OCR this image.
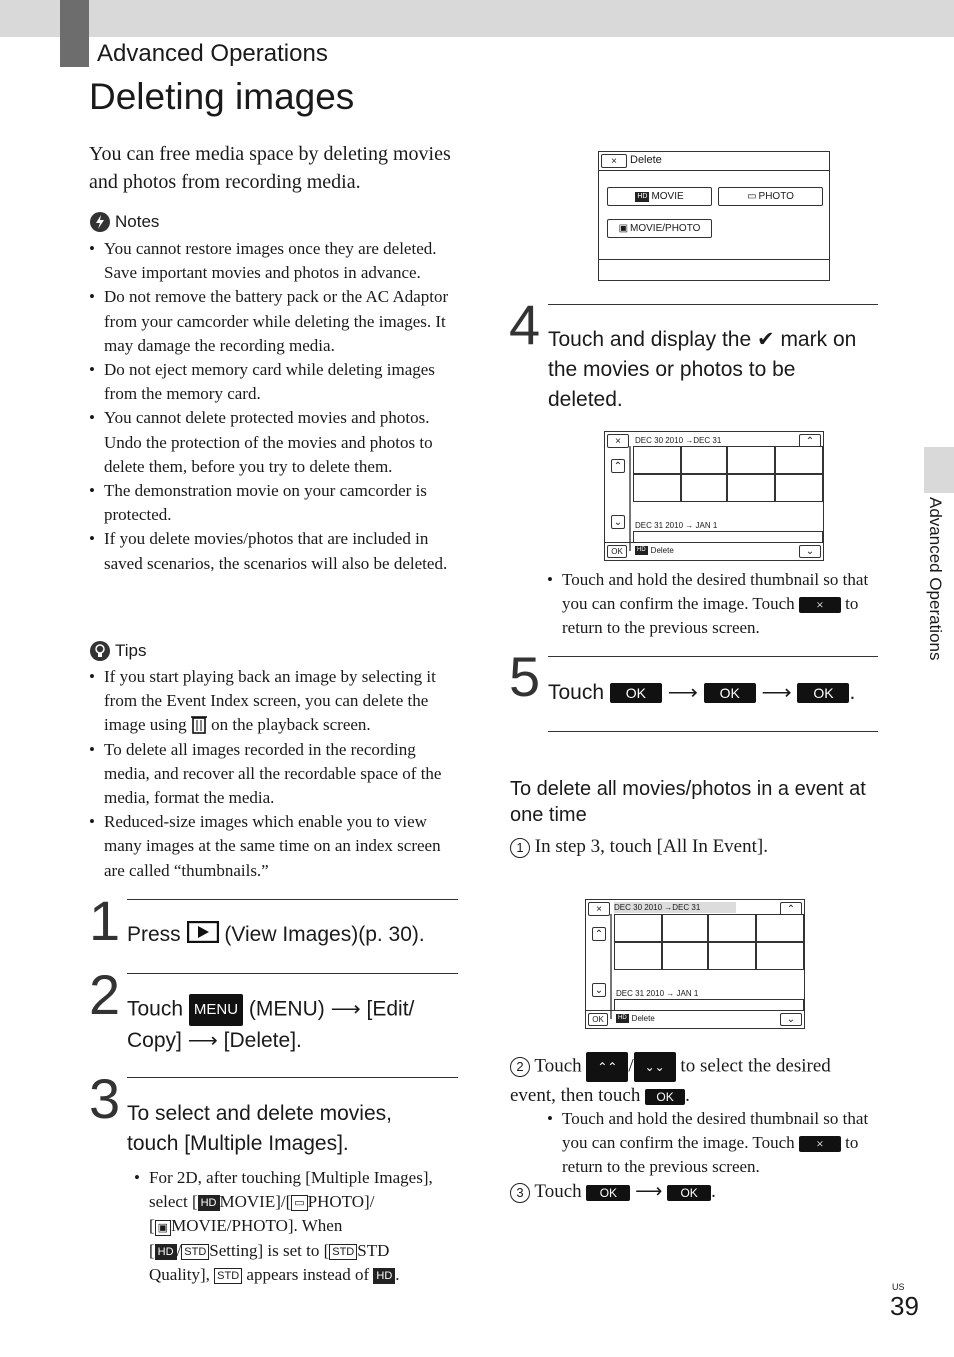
Advanced Operations
Deleting images
You can free media space by deleting movies and photos from recording media.
Notes
• You cannot restore images once they are deleted. Save important movies and photos in advance.
• Do not remove the battery pack or the AC Adaptor from your camcorder while deleting the images. It may damage the recording media.
• Do not eject memory card while deleting images from the memory card.
• You cannot delete protected movies and photos. Undo the protection of the movies and photos to delete them, before you try to delete them.
• The demonstration movie on your camcorder is protected.
• If you delete movies/photos that are included in saved scenarios, the scenarios will also be deleted.
Tips
• If you start playing back an image by selecting it from the Event Index screen, you can delete the image using on the playback screen.
• To delete all images recorded in the recording media, and recover all the recordable space of the media, format the media.
• Reduced-size images which enable you to view many images at the same time on an index screen are called “thumbnails.”
1 Press (View Images)(p. 30).
2 Touch MENU (MENU) ⟶ [Edit/
Copy] ⟶ [Delete].
3 To select and delete movies, touch [Multiple Images].
• For 2D, after touching [Multiple Images], select [ HD MOVIE]/[ ▭ PHOTO]/
[ ▣ MOVIE/PHOTO]. When
[ HD / STD Setting] is set to [ STD STD
Quality], STD appears instead of HD .
×	Delete
HD MOVIE	▭ PHOTO
▣ MOVIE/PHOTO
4 Touch and display the ✔ mark on the movies or photos to be deleted.
×	DEC 30 2010 →DEC 31	⌃
⌃
⌄	DEC 31 2010 → JAN 1
OK	HD Delete	⌄
• Touch and hold the desired thumbnail so that you can confirm the image. Touch × to return to the previous screen.
5 Touch OK ⟶ OK ⟶ OK .
To delete all movies/photos in a event at one time
1 In step 3, touch [All In Event].
×	DEC 30 2010 →DEC 31	⌃
⌃
⌄	DEC 31 2010 → JAN 1
OK	HD Delete	⌄
2 Touch ⌃⌃ / ⌄⌄ to select the desired event, then touch OK .
• Touch and hold the desired thumbnail so that you can confirm the image. Touch × to return to the previous screen.
3 Touch OK ⟶ OK .
Advanced Operations
US
39
